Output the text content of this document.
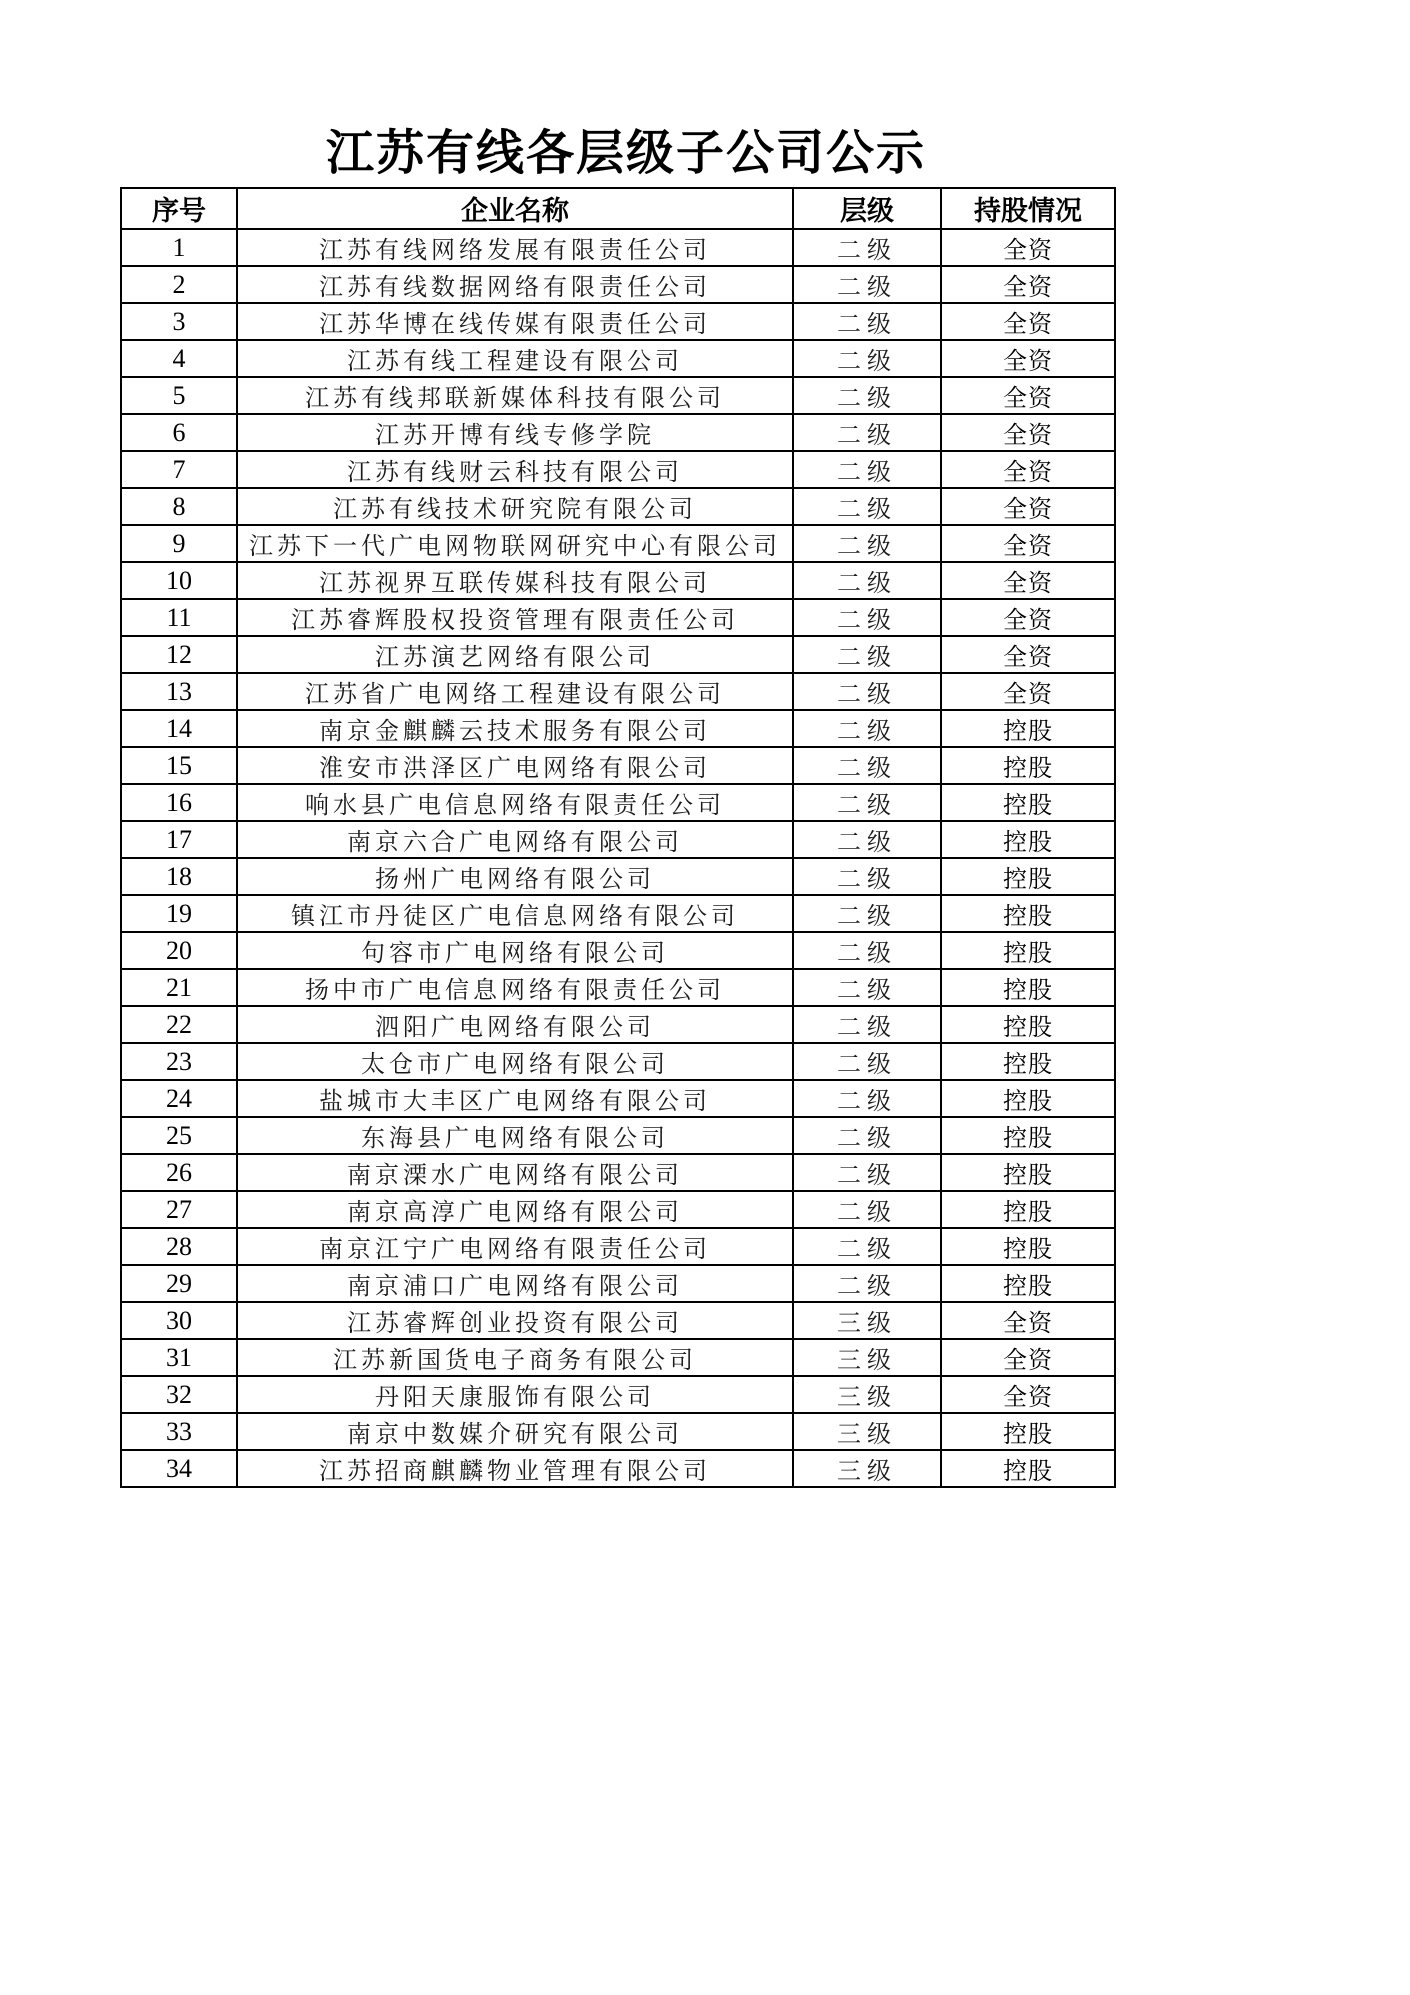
江苏有线各层级子公司公示
序号	企业名称	层级	持股情况
1	江苏有线网络发展有限责任公司	二级	全资
2	江苏有线数据网络有限责任公司	二级	全资
3	江苏华博在线传媒有限责任公司	二级	全资
4	江苏有线工程建设有限公司	二级	全资
5	江苏有线邦联新媒体科技有限公司	二级	全资
6	江苏开博有线专修学院	二级	全资
7	江苏有线财云科技有限公司	二级	全资
8	江苏有线技术研究院有限公司	二级	全资
9	江苏下一代广电网物联网研究中心有限公司	二级	全资
10	江苏视界互联传媒科技有限公司	二级	全资
11	江苏睿辉股权投资管理有限责任公司	二级	全资
12	江苏演艺网络有限公司	二级	全资
13	江苏省广电网络工程建设有限公司	二级	全资
14	南京金麒麟云技术服务有限公司	二级	控股
15	淮安市洪泽区广电网络有限公司	二级	控股
16	响水县广电信息网络有限责任公司	二级	控股
17	南京六合广电网络有限公司	二级	控股
18	扬州广电网络有限公司	二级	控股
19	镇江市丹徒区广电信息网络有限公司	二级	控股
20	句容市广电网络有限公司	二级	控股
21	扬中市广电信息网络有限责任公司	二级	控股
22	泗阳广电网络有限公司	二级	控股
23	太仓市广电网络有限公司	二级	控股
24	盐城市大丰区广电网络有限公司	二级	控股
25	东海县广电网络有限公司	二级	控股
26	南京溧水广电网络有限公司	二级	控股
27	南京高淳广电网络有限公司	二级	控股
28	南京江宁广电网络有限责任公司	二级	控股
29	南京浦口广电网络有限公司	二级	控股
30	江苏睿辉创业投资有限公司	三级	全资
31	江苏新国货电子商务有限公司	三级	全资
32	丹阳天康服饰有限公司	三级	全资
33	南京中数媒介研究有限公司	三级	控股
34	江苏招商麒麟物业管理有限公司	三级	控股
